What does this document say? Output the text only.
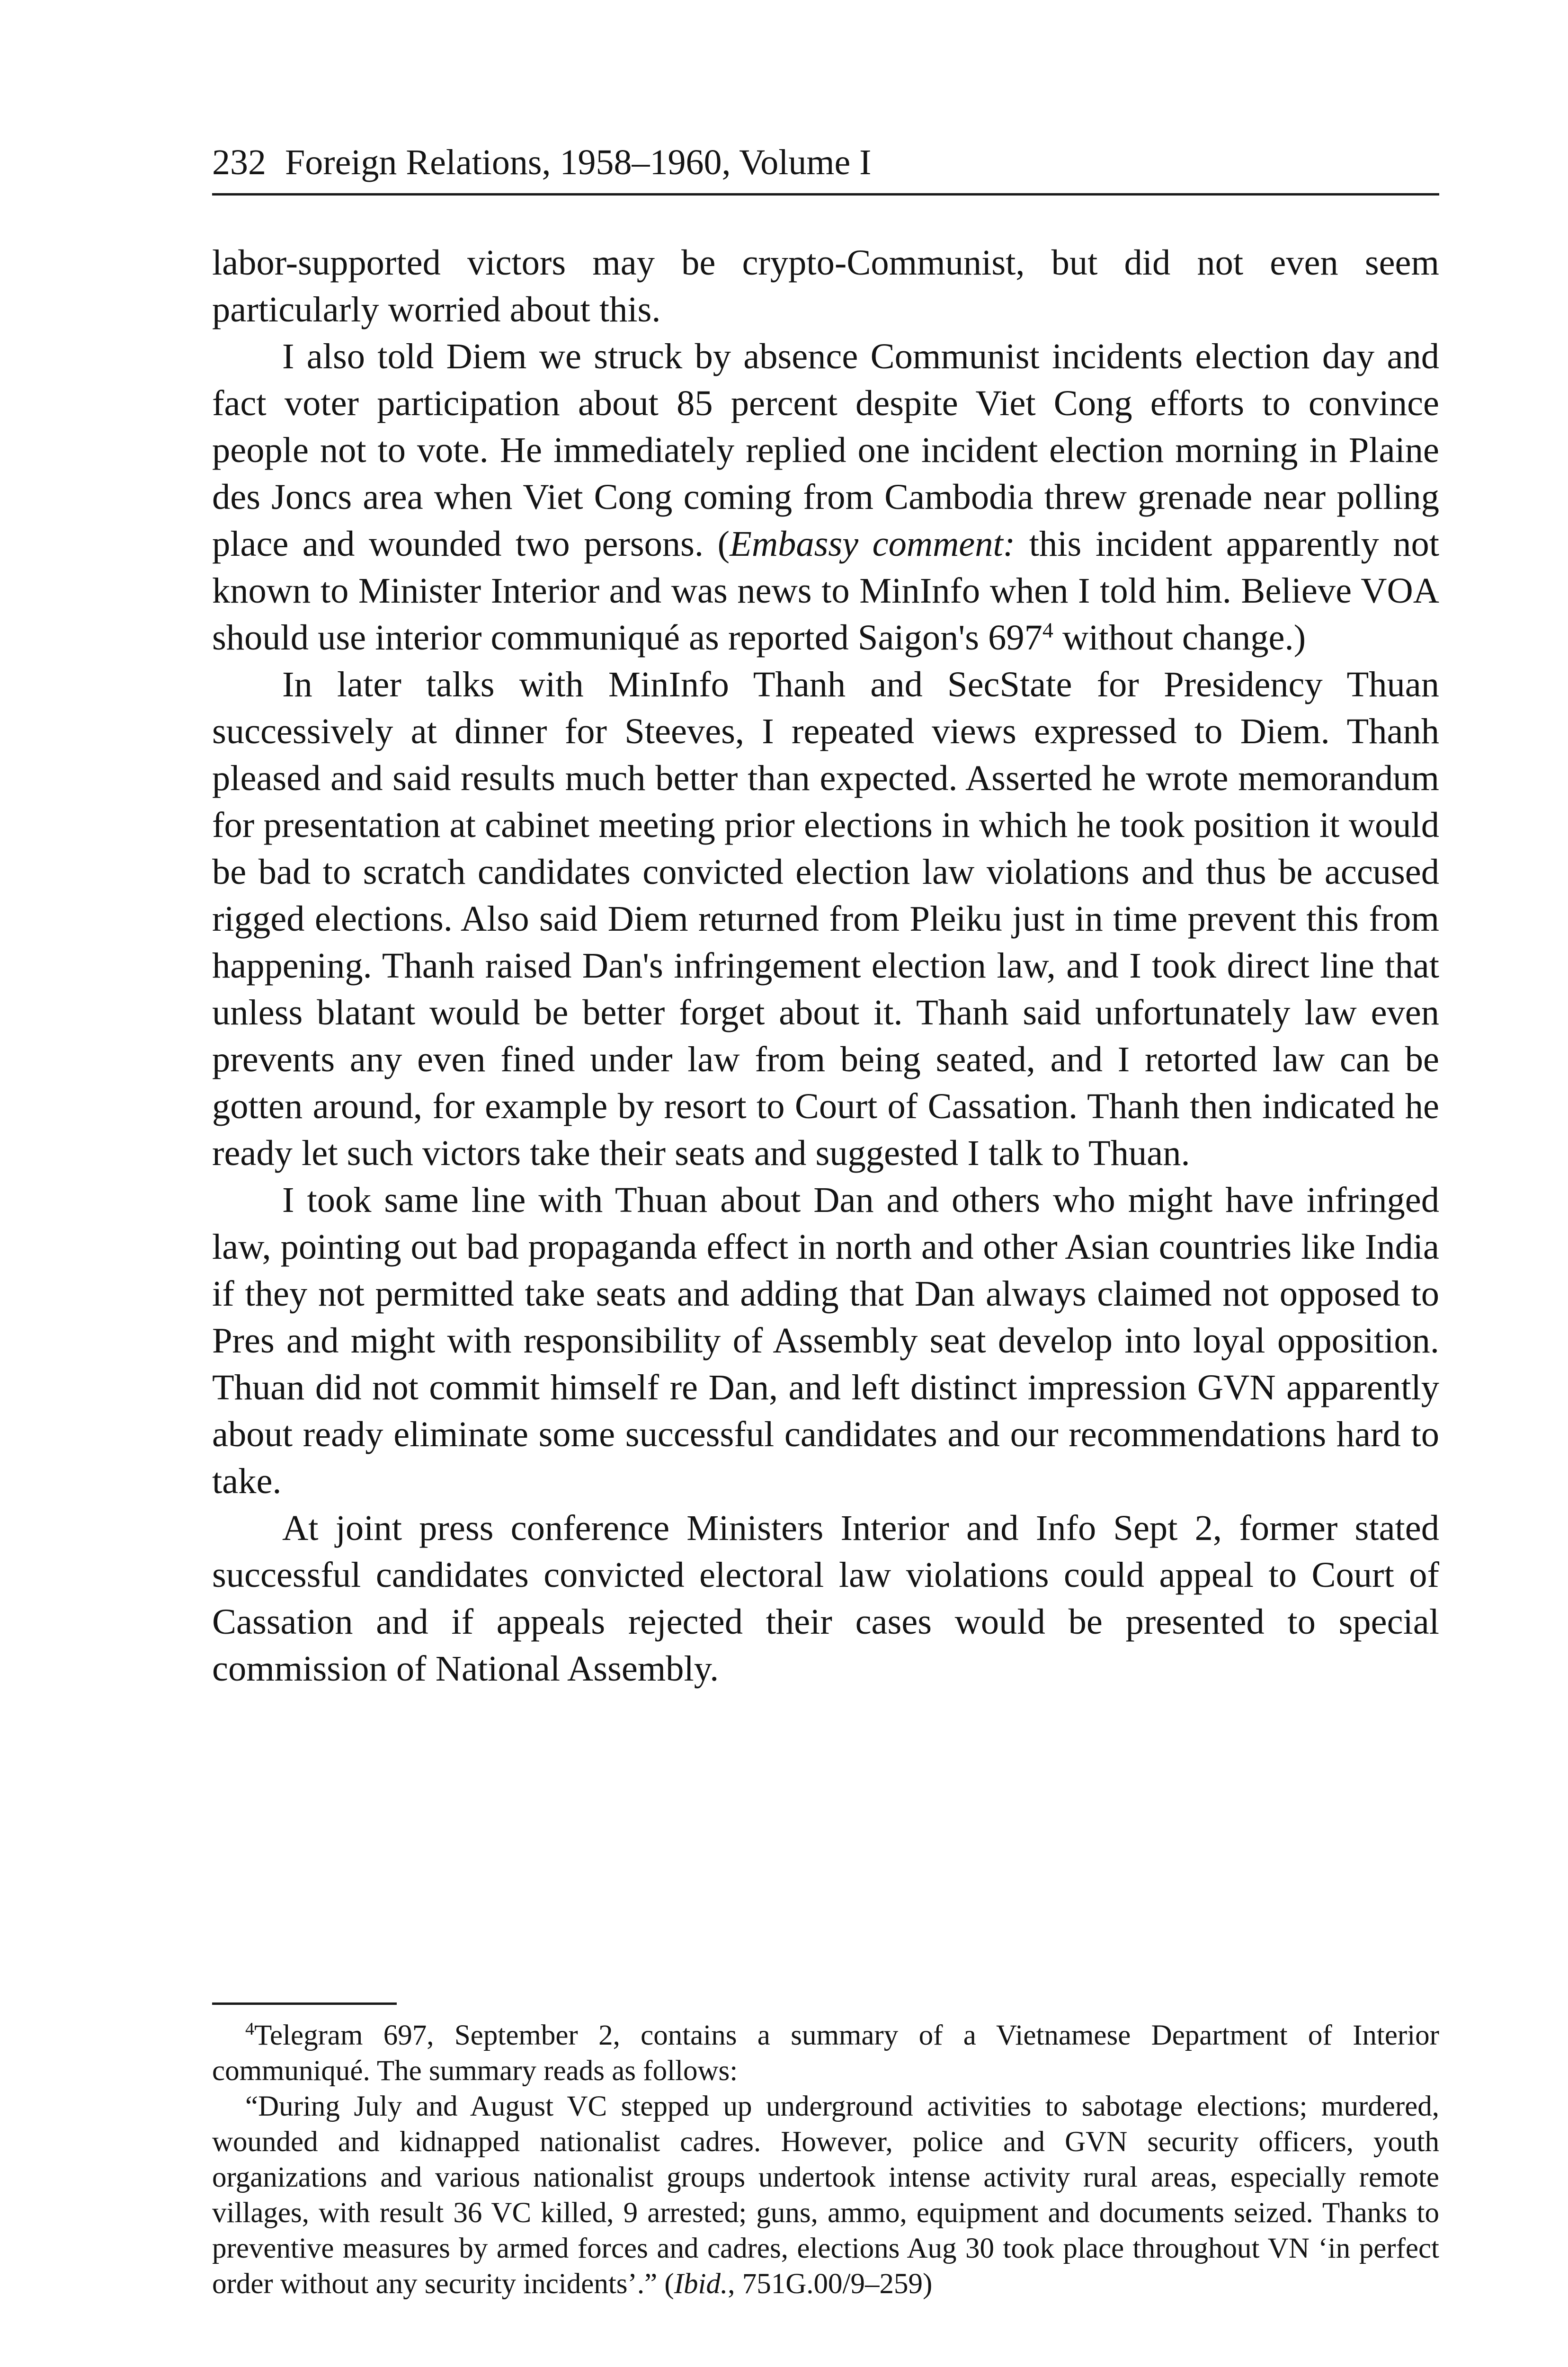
232 Foreign Relations, 1958–1960, Volume I

labor-supported victors may be crypto-Communist, but did not even seem particularly worried about this.

I also told Diem we struck by absence Communist incidents election day and fact voter participation about 85 percent despite Viet Cong efforts to convince people not to vote. He immediately replied one incident election morning in Plaine des Joncs area when Viet Cong coming from Cambodia threw grenade near polling place and wounded two persons. (Embassy comment: this incident apparently not known to Minister Interior and was news to MinInfo when I told him. Believe VOA should use interior communiqué as reported Saigon's $697^4$ without change.)

In later talks with MinInfo Thanh and SecState for Presidency Thuan successively at dinner for Steeves, I repeated views expressed to Diem. Thanh pleased and said results much better than expected. Asserted he wrote memorandum for presentation at cabinet meeting prior elections in which he took position it would be bad to scratch candidates convicted election law violations and thus be accused rigged elections. Also said Diem returned from Pleiku just in time prevent this from happening. Thanh raised Dan's infringement election law, and I took direct line that unless blatant would be better forget about it. Thanh said unfortunately law even prevents any even fined under law from being seated, and I retorted law can be gotten around, for example by resort to Court of Cassation. Thanh then indicated he ready let such victors take their seats and suggested I talk to Thuan.

I took same line with Thuan about Dan and others who might have infringed law, pointing out bad propaganda effect in north and other Asian countries like India if they not permitted take seats and adding that Dan always claimed not opposed to Pres and might with responsibility of Assembly seat develop into loyal opposition. Thuan did not commit himself re Dan, and left distinct impression GVN apparently about ready eliminate some successful candidates and our recommendations hard to take.

At joint press conference Ministers Interior and Info Sept 2, former stated successful candidates convicted electoral law violations could appeal to Court of Cassation and if appeals rejected their cases would be presented to special commission of National Assembly.

$^4$Telegram 697, September 2, contains a summary of a Vietnamese Department of Interior communiqué. The summary reads as follows:

“During July and August VC stepped up underground activities to sabotage elections; murdered, wounded and kidnapped nationalist cadres. However, police and GVN security officers, youth organizations and various nationalist groups undertook intense activity rural areas, especially remote villages, with result 36 VC killed, 9 arrested; guns, ammo, equipment and documents seized. Thanks to preventive measures by armed forces and cadres, elections Aug 30 took place throughout VN ‘in perfect order without any security incidents’.” (Ibid., 751G.00/9–259)
